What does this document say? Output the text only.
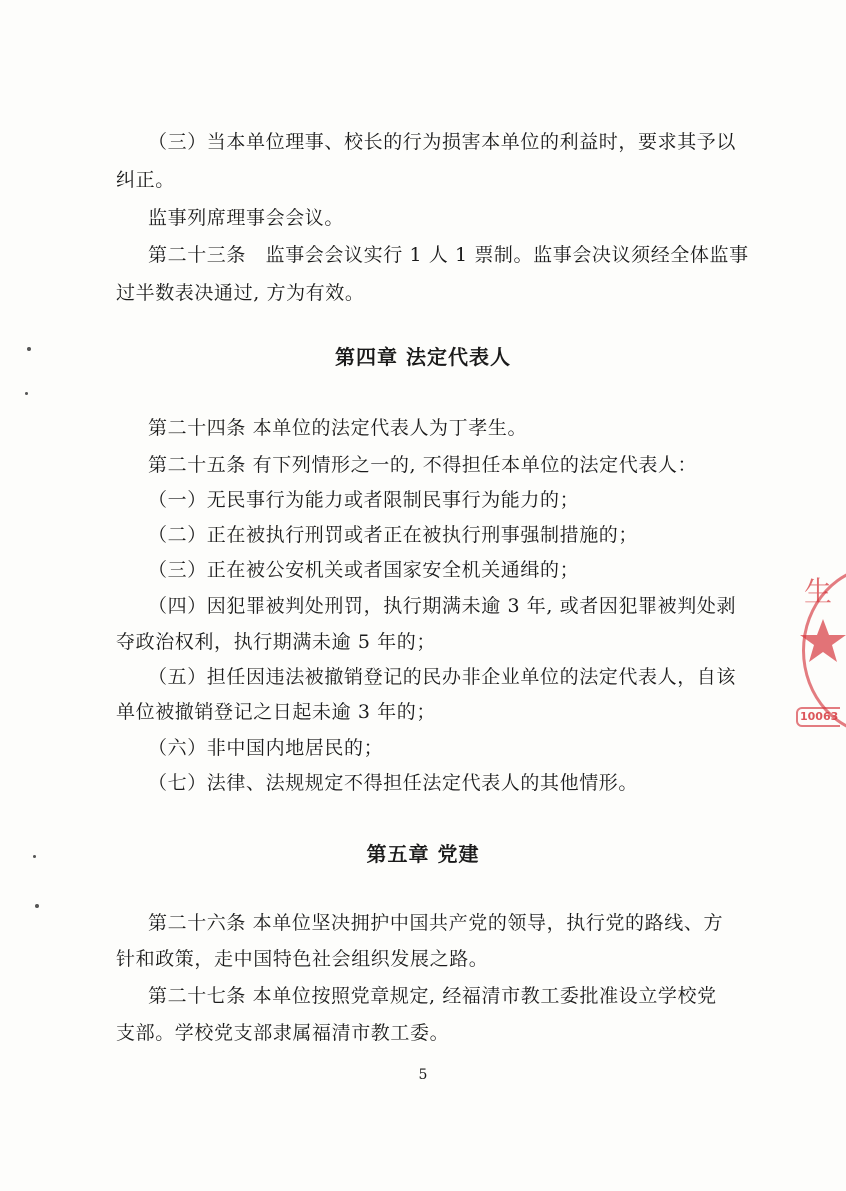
（三）当本单位理事、校长的行为损害本单位的利益时，要求其予以
纠正。
监事列席理事会会议。
第二十三条　监事会会议实行 1 人 1 票制。监事会决议须经全体监事
过半数表决通过, 方为有效。
第四章 法定代表人
第二十四条 本单位的法定代表人为丁孝生。
第二十五条 有下列情形之一的, 不得担任本单位的法定代表人：
（一）无民事行为能力或者限制民事行为能力的；
（二）正在被执行刑罚或者正在被执行刑事强制措施的；
（三）正在被公安机关或者国家安全机关通缉的；
（四）因犯罪被判处刑罚，执行期满未逾 3 年, 或者因犯罪被判处剥
夺政治权利，执行期满未逾 5 年的；
（五）担任因违法被撤销登记的民办非企业单位的法定代表人，自该
单位被撤销登记之日起未逾 3 年的；
（六）非中国内地居民的；
（七）法律、法规规定不得担任法定代表人的其他情形。
第五章 党建
第二十六条 本单位坚决拥护中国共产党的领导，执行党的路线、方
针和政策，走中国特色社会组织发展之路。
第二十七条 本单位按照党章规定, 经福清市教工委批准设立学校党
支部。学校党支部隶属福清市教工委。
5
生
10063
